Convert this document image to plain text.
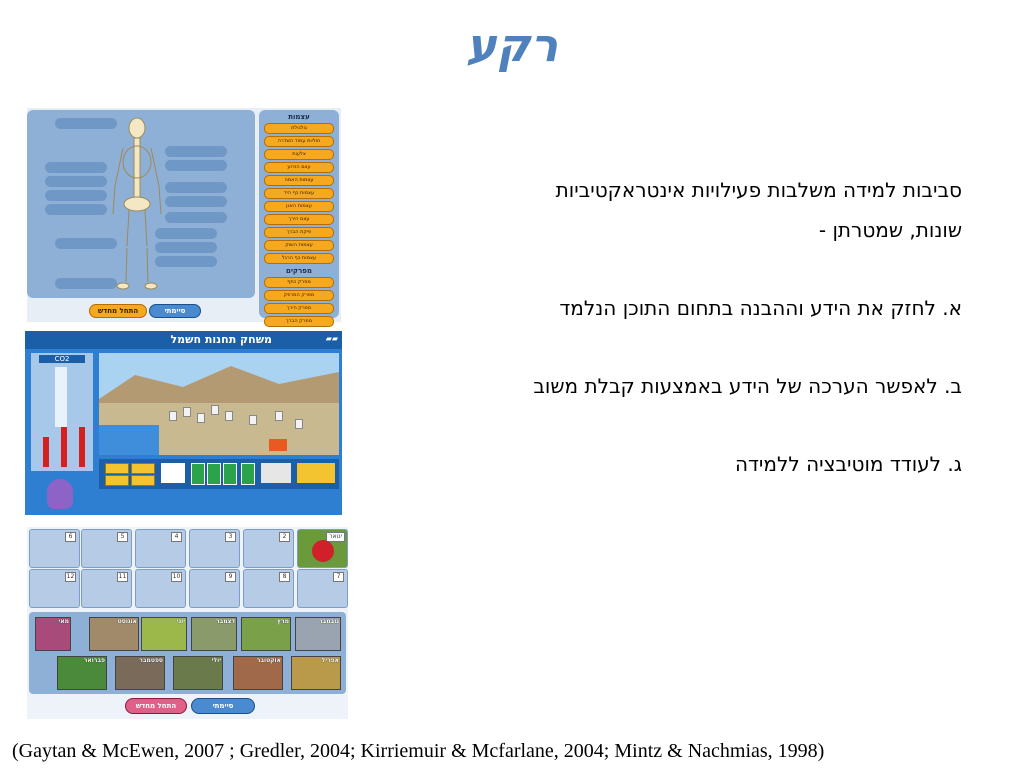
רקע
עצמות
גולגולת
חוליות עמוד השדרה
צלעות
עצם הזרוע
עצמות האמה
עצמות כף היד
עצמות האגן
עצם הירך
פיקת הברך
עצמות השוק
עצמות כף הרגל
מפרקים
מפרק כתף
מפרק המרפק
מפרק הירך
מפרק הברך
התחל מחדש	סיימתי
משחק תחנות חשמל	▰▰
CO2
ינואר
2
3
4
5
6
7
8
9
10
11
12
מאי	אוגוסט	יוני	דצמבר	מרץ	נובמבר
פברואר	ספטמבר	יולי	אוקטובר	אפריל
התחל מחדש	סיימתי

סביבות למידה משלבות פעילויות אינטראקטיביות

שונות, שמטרתן -

א. לחזק את הידע וההבנה בתחום התוכן הנלמד

ב. לאפשר הערכה של הידע באמצעות קבלת משוב

ג. לעודד מוטיבציה ללמידה

(Gaytan & McEwen, 2007 ; Gredler, 2004; Kirriemuir & Mcfarlane, 2004; Mintz & Nachmias, 1998)
